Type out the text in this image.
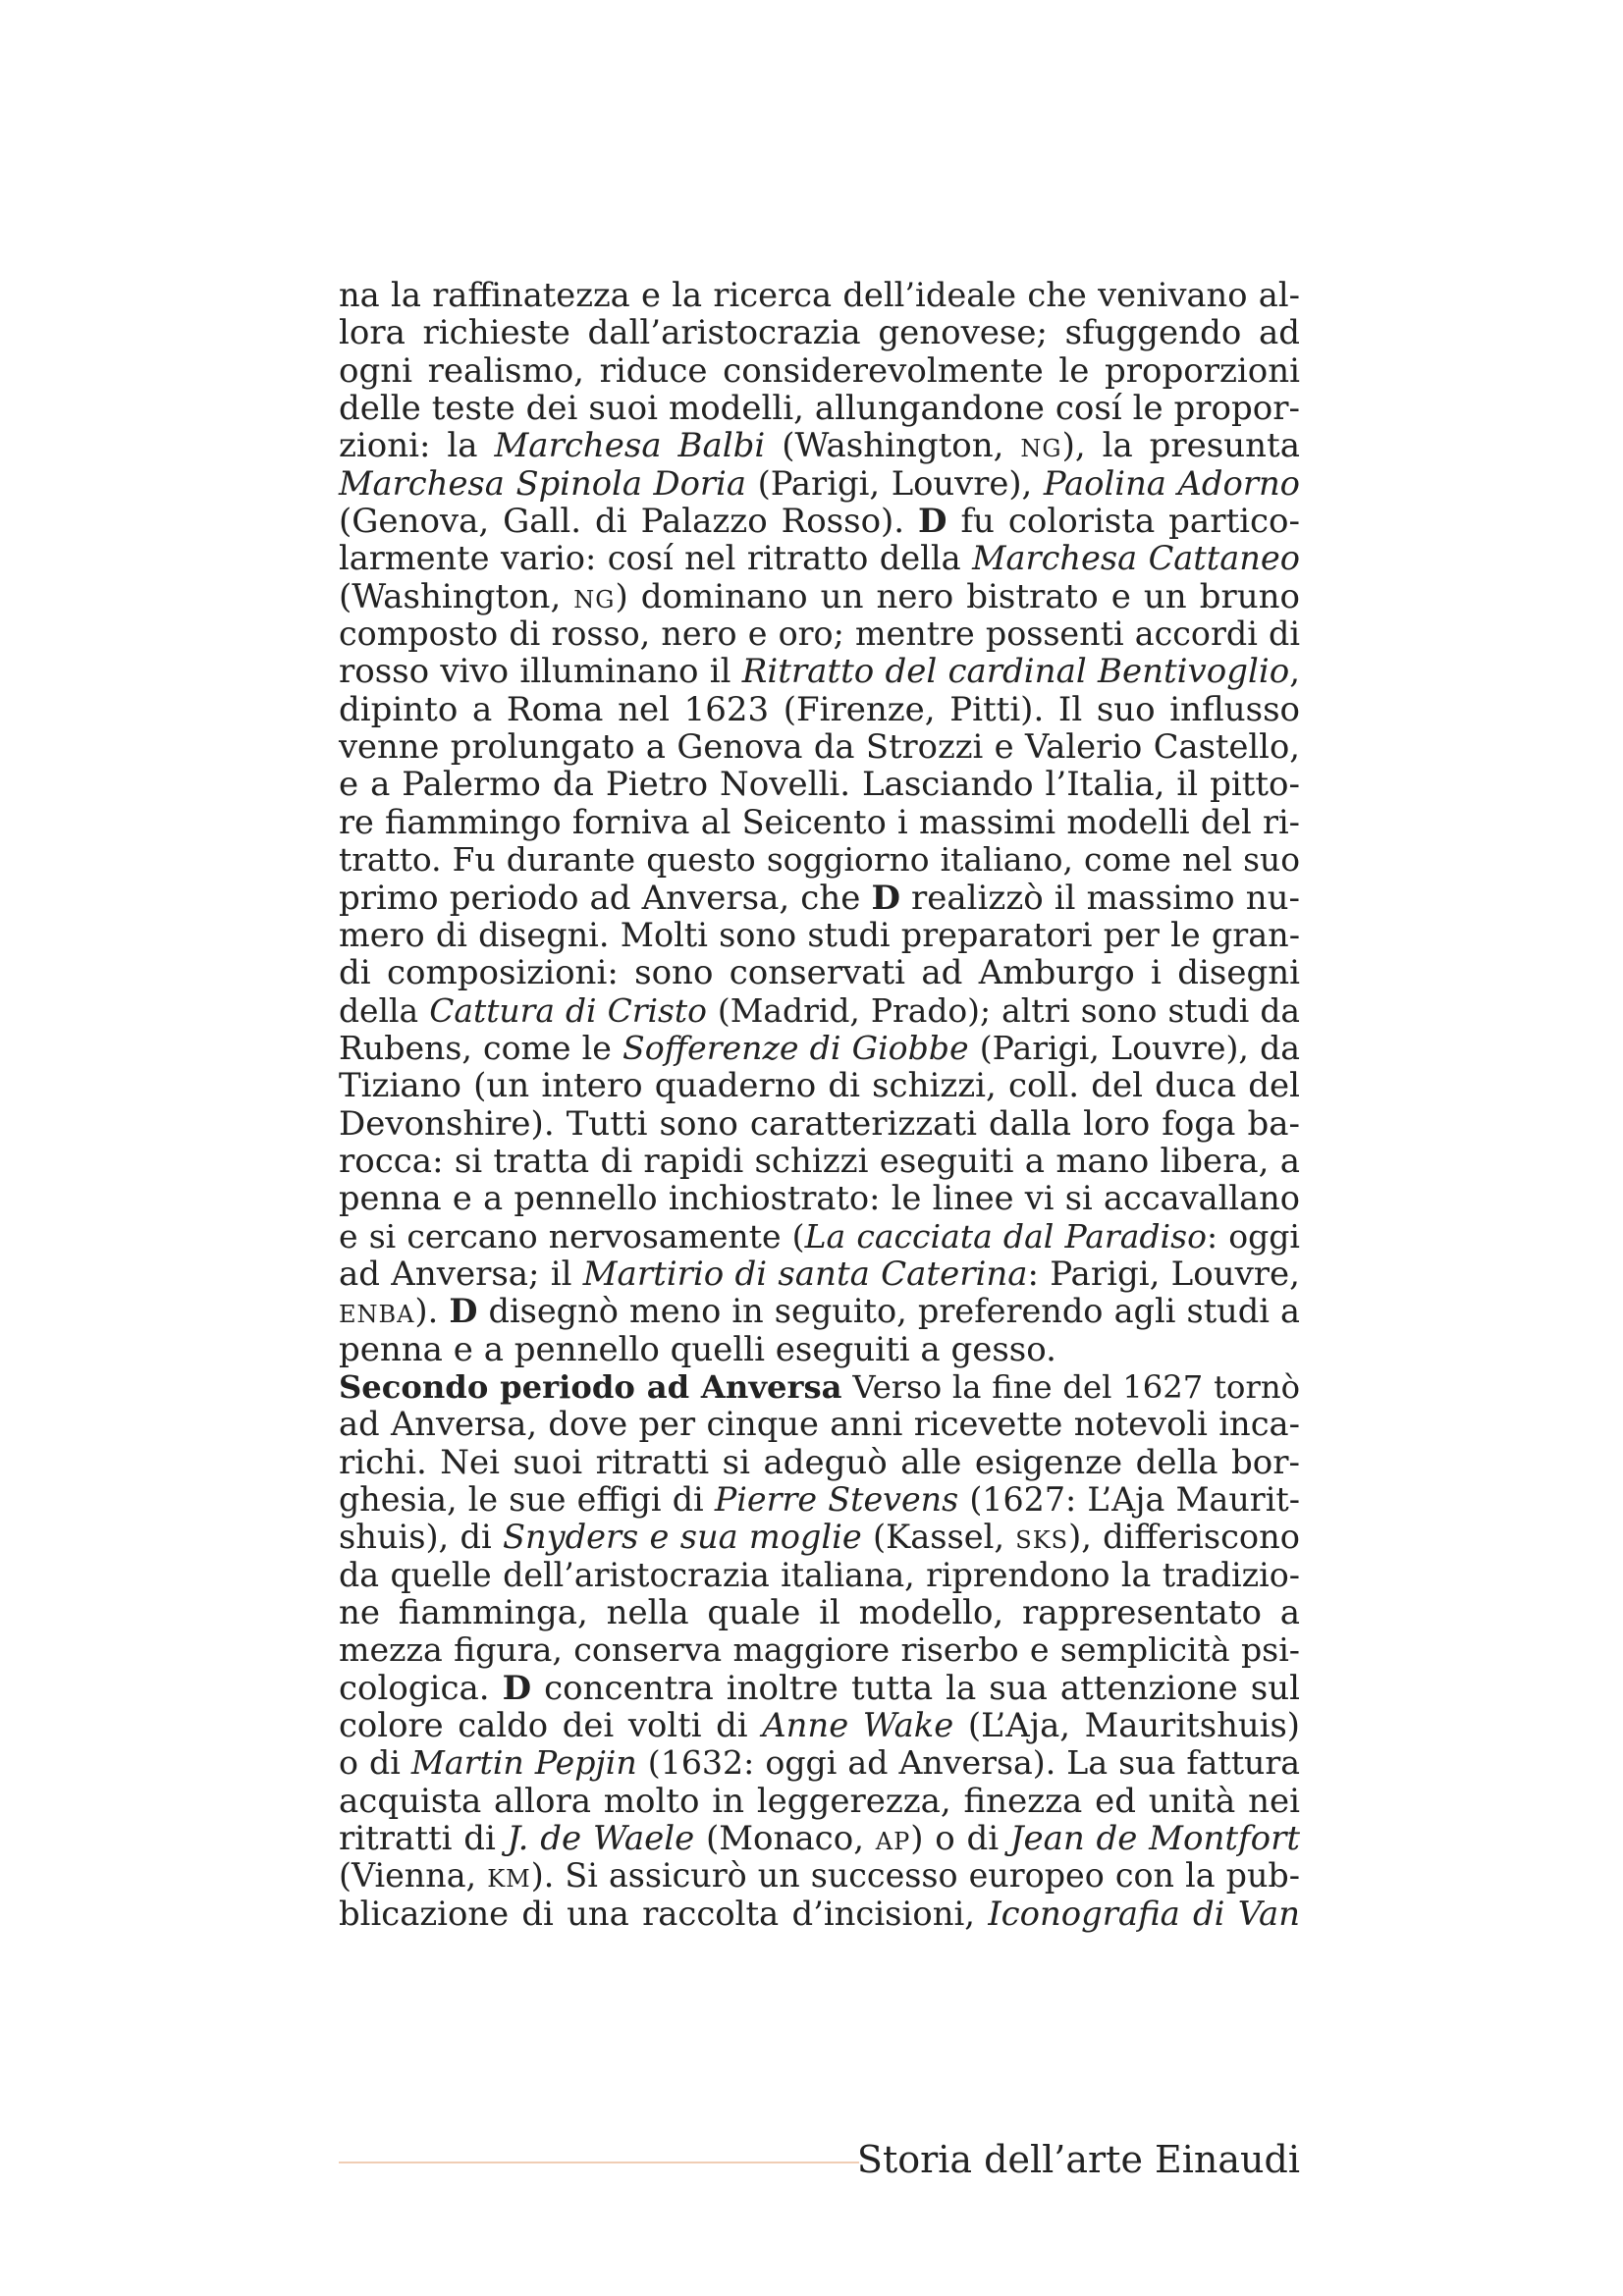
na la raffinatezza e la ricerca dell’ideale che venivano al-
lora richieste dall’aristocrazia genovese; sfuggendo ad
ogni realismo, riduce considerevolmente le proporzioni
delle teste dei suoi modelli, allungandone cosí le propor-
zioni: la Marchesa Balbi (Washington, NG), la presunta
Marchesa Spinola Doria (Parigi, Louvre), Paolina Adorno
(Genova, Gall. di Palazzo Rosso). D fu colorista partico-
larmente vario: cosí nel ritratto della Marchesa Cattaneo
(Washington, NG) dominano un nero bistrato e un bruno
composto di rosso, nero e oro; mentre possenti accordi di
rosso vivo illuminano il Ritratto del cardinal Bentivoglio,
dipinto a Roma nel 1623 (Firenze, Pitti). Il suo influsso
venne prolungato a Genova da Strozzi e Valerio Castello,
e a Palermo da Pietro Novelli. Lasciando l’Italia, il pitto-
re fiammingo forniva al Seicento i massimi modelli del ri-
tratto. Fu durante questo soggiorno italiano, come nel suo
primo periodo ad Anversa, che D realizzò il massimo nu-
mero di disegni. Molti sono studi preparatori per le gran-
di composizioni: sono conservati ad Amburgo i disegni
della Cattura di Cristo (Madrid, Prado); altri sono studi da
Rubens, come le Sofferenze di Giobbe (Parigi, Louvre), da
Tiziano (un intero quaderno di schizzi, coll. del duca del
Devonshire). Tutti sono caratterizzati dalla loro foga ba-
rocca: si tratta di rapidi schizzi eseguiti a mano libera, a
penna e a pennello inchiostrato: le linee vi si accavallano
e si cercano nervosamente (La cacciata dal Paradiso: oggi
ad Anversa; il Martirio di santa Caterina: Parigi, Louvre,
ENBA). D disegnò meno in seguito, preferendo agli studi a
penna e a pennello quelli eseguiti a gesso.
Secondo periodo ad Anversa Verso la fine del 1627 tornò
ad Anversa, dove per cinque anni ricevette notevoli inca-
richi. Nei suoi ritratti si adeguò alle esigenze della bor-
ghesia, le sue effigi di Pierre Stevens (1627: L’Aja Maurit-
shuis), di Snyders e sua moglie (Kassel, SKS), differiscono
da quelle dell’aristocrazia italiana, riprendono la tradizio-
ne fiamminga, nella quale il modello, rappresentato a
mezza figura, conserva maggiore riserbo e semplicità psi-
cologica. D concentra inoltre tutta la sua attenzione sul
colore caldo dei volti di Anne Wake (L’Aja, Mauritshuis)
o di Martin Pepjin (1632: oggi ad Anversa). La sua fattura
acquista allora molto in leggerezza, finezza ed unità nei
ritratti di J. de Waele (Monaco, AP) o di Jean de Montfort
(Vienna, KM). Si assicurò un successo europeo con la pub-
blicazione di una raccolta d’incisioni, Iconografia di Van
Storia dell’arte Einaudi
